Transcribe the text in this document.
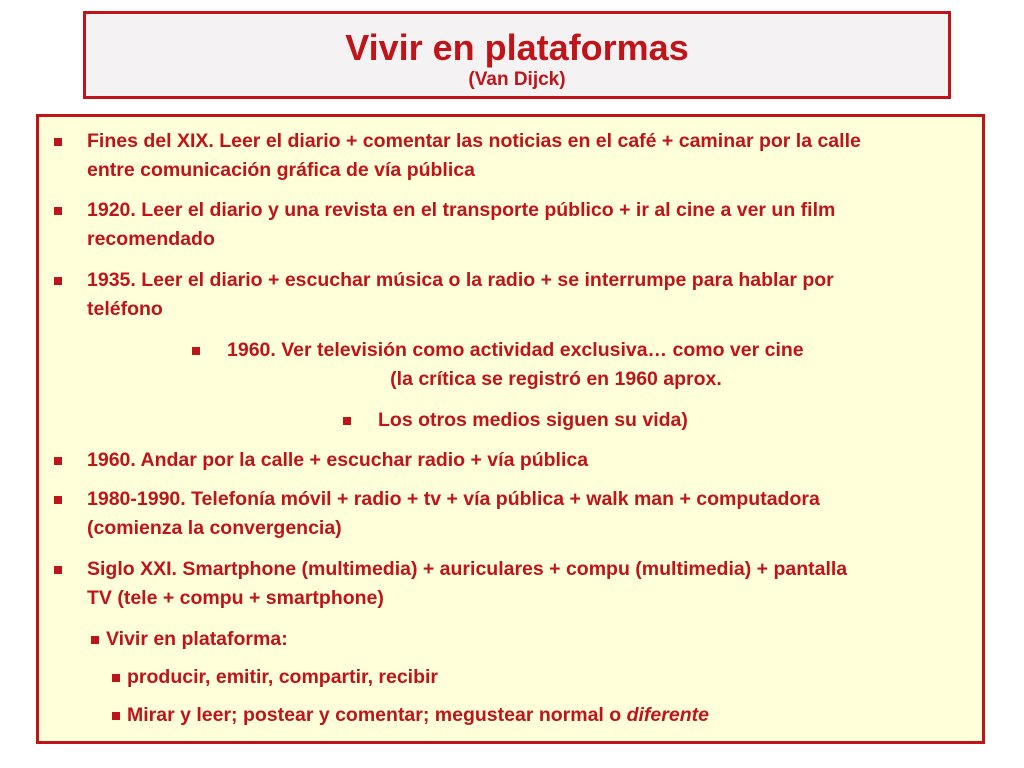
Vivir en plataformas
(Van Dijck)
Fines del XIX. Leer el diario + comentar las noticias en el café + caminar por la calle
entre comunicación gráfica de vía pública
1920. Leer el diario y una revista en el transporte público + ir al cine a ver un film
recomendado
1935. Leer el diario + escuchar música o la radio + se interrumpe para hablar por
teléfono
1960. Ver televisión como actividad exclusiva… como ver cine
(la crítica se registró en 1960 aprox.
Los otros medios siguen su vida)
1960. Andar por la calle + escuchar radio + vía pública
1980-1990. Telefonía móvil + radio + tv + vía pública + walk man + computadora
(comienza la convergencia)
Siglo XXI. Smartphone (multimedia) + auriculares + compu (multimedia) + pantalla
TV (tele + compu + smartphone)
Vivir en plataforma:
producir, emitir, compartir, recibir
Mirar y leer; postear y comentar; megustear normal o diferente
